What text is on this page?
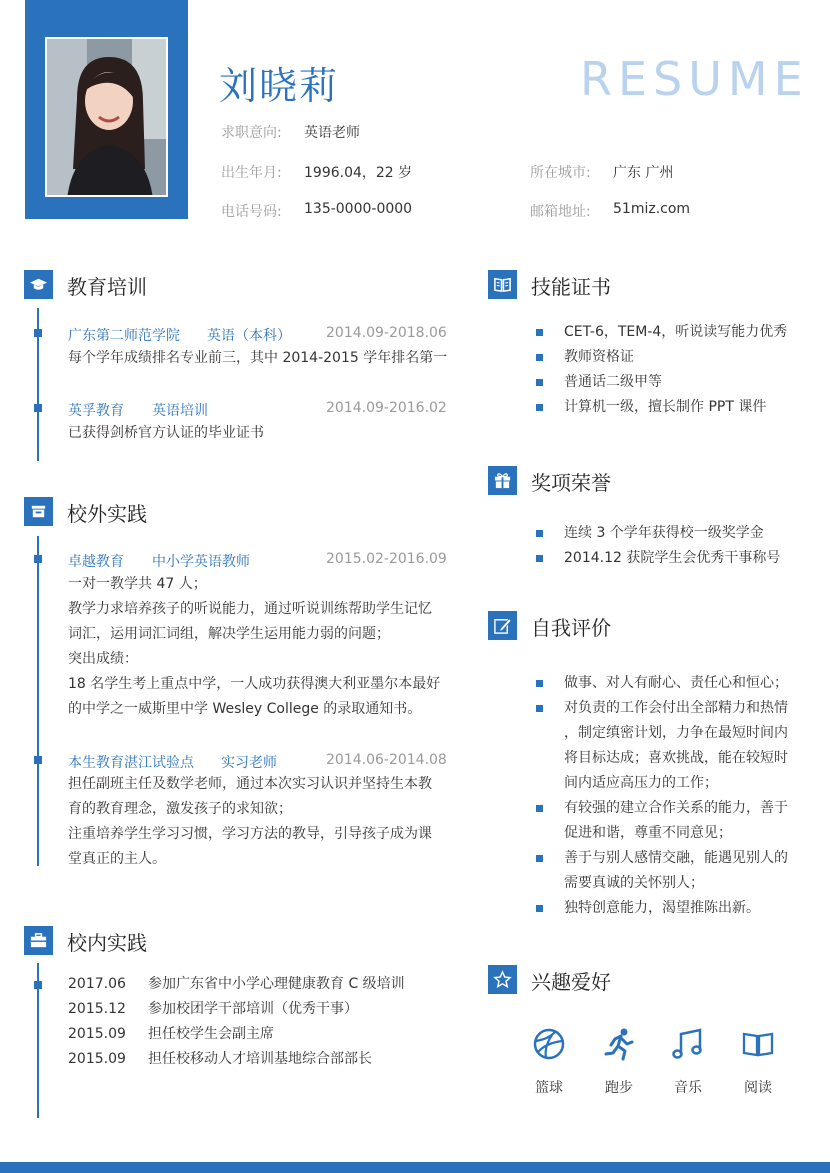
刘晓莉	RESUME
求职意向: 英语老师
出生年月: 1996.04，22 岁	所在城市: 广东 广州
电话号码: 135-0000-0000	邮箱地址: 51miz.com
教育培训
广东第二师范学院 英语（本科）	2014.09-2018.06
每个学年成绩排名专业前三，其中 2014-2015 学年排名第一
英孚教育 英语培训	2014.09-2016.02
已获得剑桥官方认证的毕业证书
校外实践
卓越教育 中小学英语教师	2015.02-2016.09
一对一教学共 47 人；
教学力求培养孩子的听说能力，通过听说训练帮助学生记忆
词汇，运用词汇词组，解决学生运用能力弱的问题；
突出成绩：
18 名学生考上重点中学，一人成功获得澳大利亚墨尔本最好
的中学之一威斯里中学 Wesley College 的录取通知书。
本生教育湛江试验点 实习老师	2014.06-2014.08
担任副班主任及数学老师，通过本次实习认识并坚持生本教
育的教育理念，激发孩子的求知欲；
注重培养学生学习习惯，学习方法的教导，引导孩子成为课
堂真正的主人。
校内实践
2017.06 参加广东省中小学心理健康教育 C 级培训
2015.12 参加校团学干部培训（优秀干事）
2015.09 担任校学生会副主席
2015.09 担任校移动人才培训基地综合部部长
技能证书
CET-6，TEM-4，听说读写能力优秀
教师资格证
普通话二级甲等
计算机一级，擅长制作 PPT 课件
奖项荣誉
连续 3 个学年获得校一级奖学金
2014.12 获院学生会优秀干事称号
自我评价
做事、对人有耐心、责任心和恒心；
对负责的工作会付出全部精力和热情
，制定缜密计划，力争在最短时间内
将目标达成；喜欢挑战，能在较短时
间内适应高压力的工作；
有较强的建立合作关系的能力，善于
促进和谐，尊重不同意见；
善于与别人感情交融，能遇见别人的
需要真诚的关怀别人；
独特创意能力，渴望推陈出新。
兴趣爱好
篮球	跑步	音乐	阅读
